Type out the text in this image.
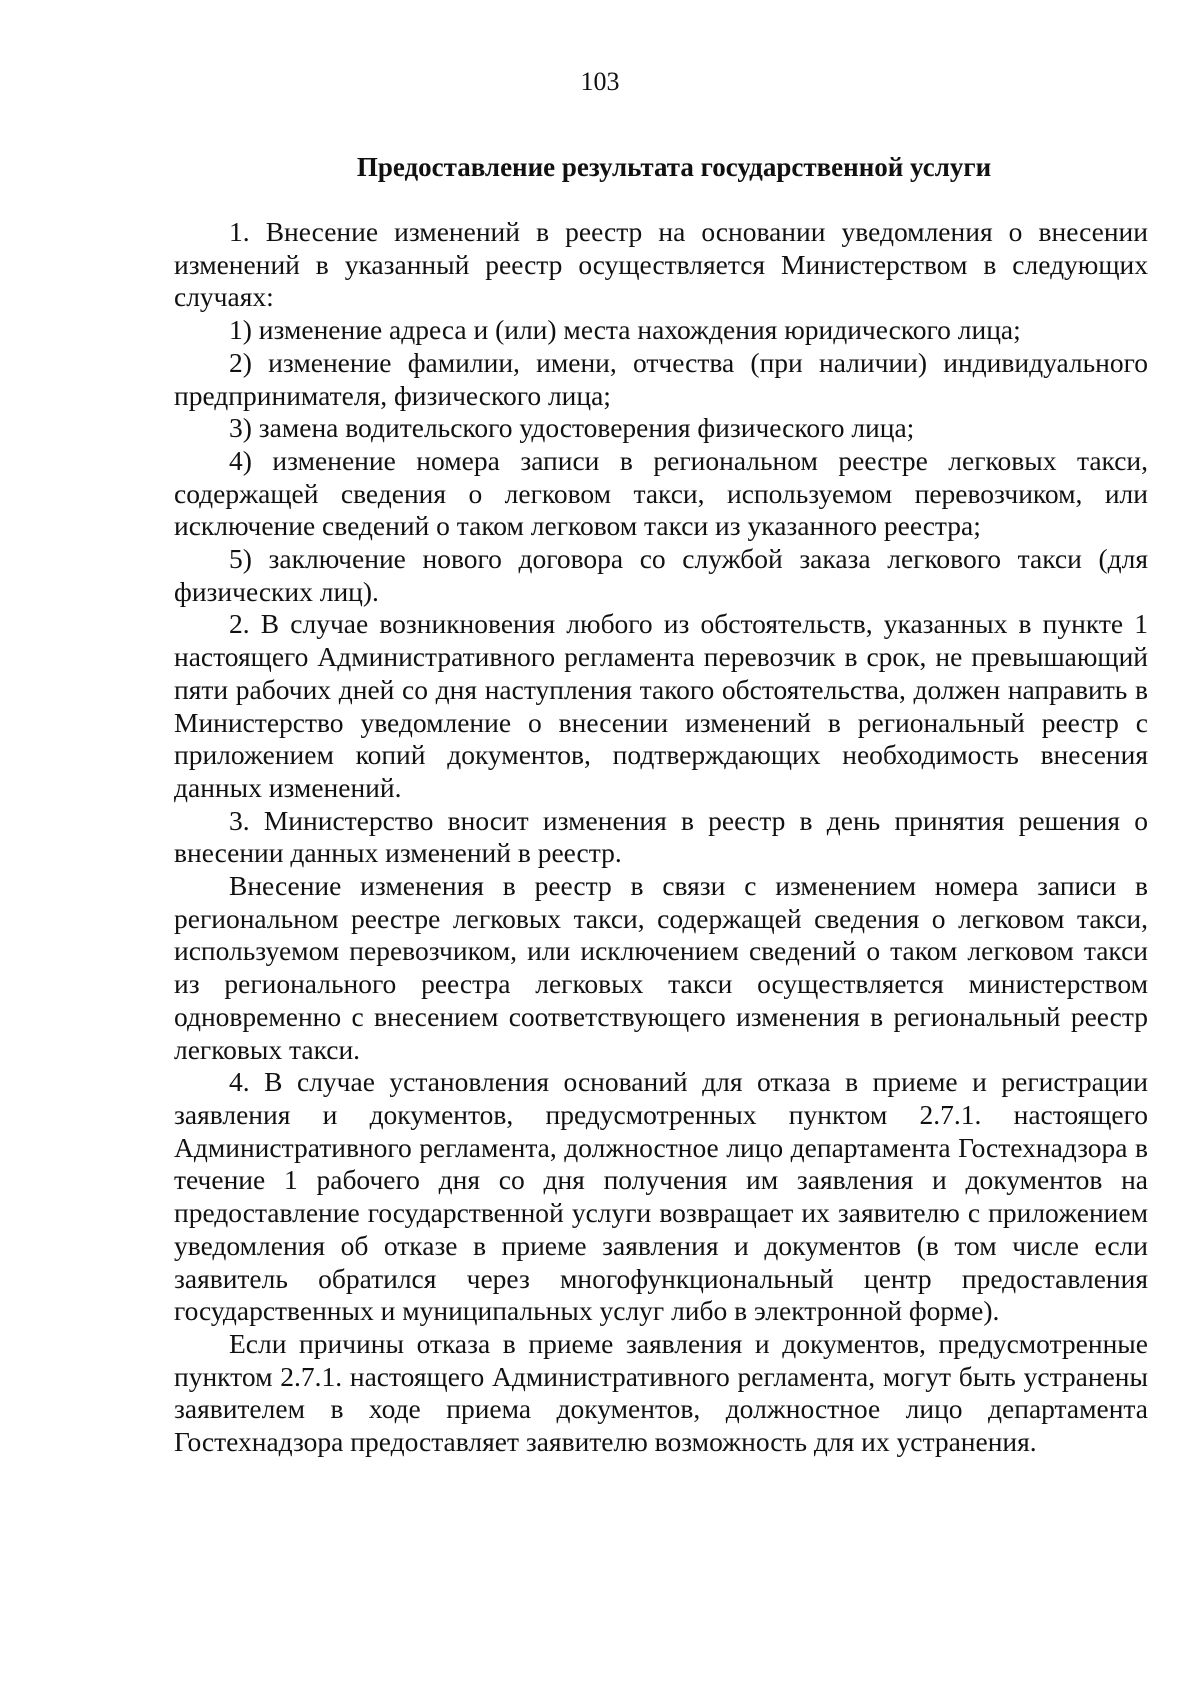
103
Предоставление результата государственной услуги

1. Внесение изменений в реестр на основании уведомления о внесении изменений в указанный реестр осуществляется Министерством в следующих случаях:

1) изменение адреса и (или) места нахождения юридического лица;

2) изменение фамилии, имени, отчества (при наличии) индивидуального предпринимателя, физического лица;

3) замена водительского удостоверения физического лица;

4) изменение номера записи в региональном реестре легковых такси, содержащей сведения о легковом такси, используемом перевозчиком, или исключение сведений о таком легковом такси из указанного реестра;

5) заключение нового договора со службой заказа легкового такси (для физических лиц).

2. В случае возникновения любого из обстоятельств, указанных в пункте 1 настоящего Административного регламента перевозчик в срок, не превышающий пяти рабочих дней со дня наступления такого обстоятельства, должен направить в Министерство уведомление о внесении изменений в региональный реестр с приложением копий документов, подтверждающих необходимость внесения данных изменений.

3. Министерство вносит изменения в реестр в день принятия решения о внесении данных изменений в реестр.

Внесение изменения в реестр в связи с изменением номера записи в региональном реестре легковых такси, содержащей сведения о легковом такси, используемом перевозчиком, или исключением сведений о таком легковом такси из регионального реестра легковых такси осуществляется министерством одновременно с внесением соответствующего изменения в региональный реестр легковых такси.

4. В случае установления оснований для отказа в приеме и регистрации заявления и документов, предусмотренных пунктом 2.7.1. настоящего Административного регламента, должностное лицо департамента Гостехнадзора в течение 1 рабочего дня со дня получения им заявления и документов на предоставление государственной услуги возвращает их заявителю с приложением уведомления об отказе в приеме заявления и документов (в том числе если заявитель обратился через многофункциональный центр предоставления государственных и муниципальных услуг либо в электронной форме).

Если причины отказа в приеме заявления и документов, предусмотренные пунктом 2.7.1. настоящего Административного регламента, могут быть устранены заявителем в ходе приема документов, должностное лицо департамента Гостехнадзора предоставляет заявителю возможность для их устранения.
